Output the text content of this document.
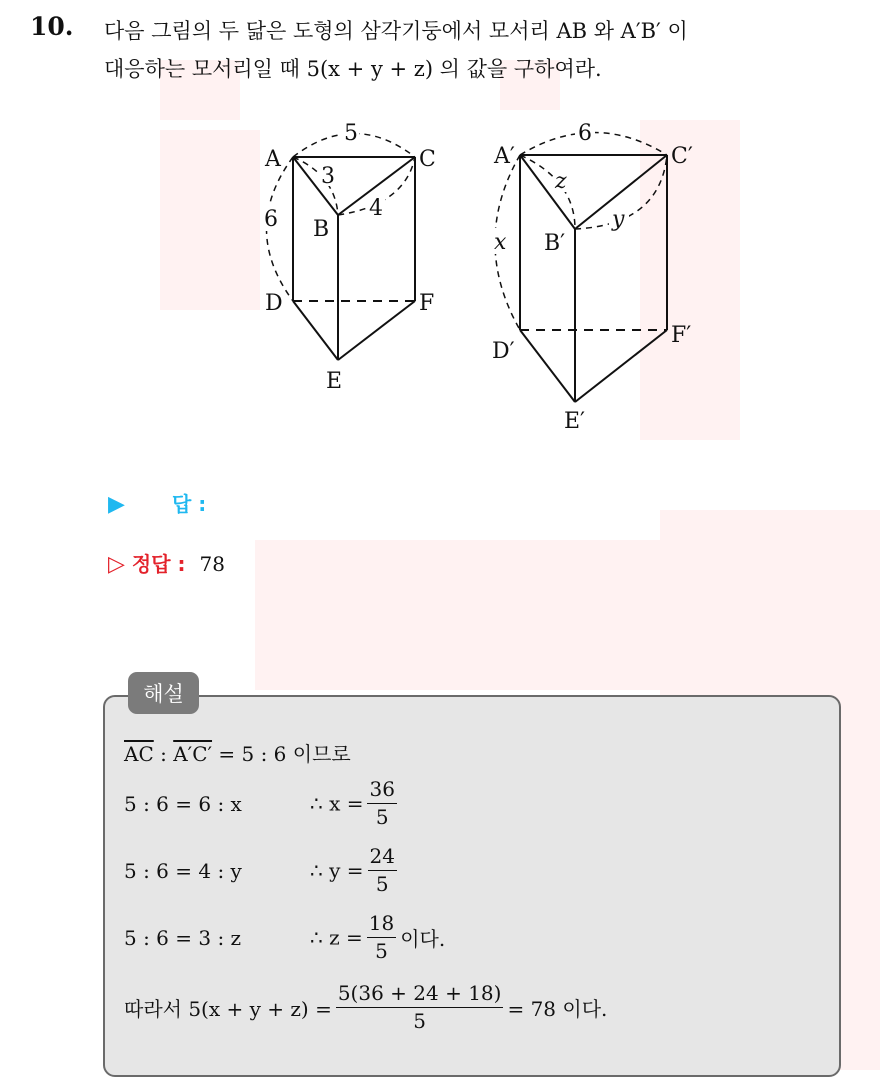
10. 다음 그림의 두 닮은 도형의 삼각기둥에서 모서리 AB 와 A′B′ 이
대응하는 모서리일 때 5(x + y + z) 의 값을 구하여라.
A
B
C
D
E
F
5
3
4
6
A′
B′
C′
D′
E′
F′
6
z
y
x
▶ 답 :
▷ 정답 : 78
해설
$\overline{AC}$ : A′C′ = 5 : 6 이므로
5 : 6 = 6 : x	∴ $x = \frac{36}{5}$
5 : 6 = 4 : y	∴ $y = \frac{24}{5}$
5 : 6 = 3 : z	∴ $z = \frac{18}{5}$ 이다.
따라서 $5(x + y + z) = \frac{5(36 + 24 + 18)}{5} = 78$ 이다.
